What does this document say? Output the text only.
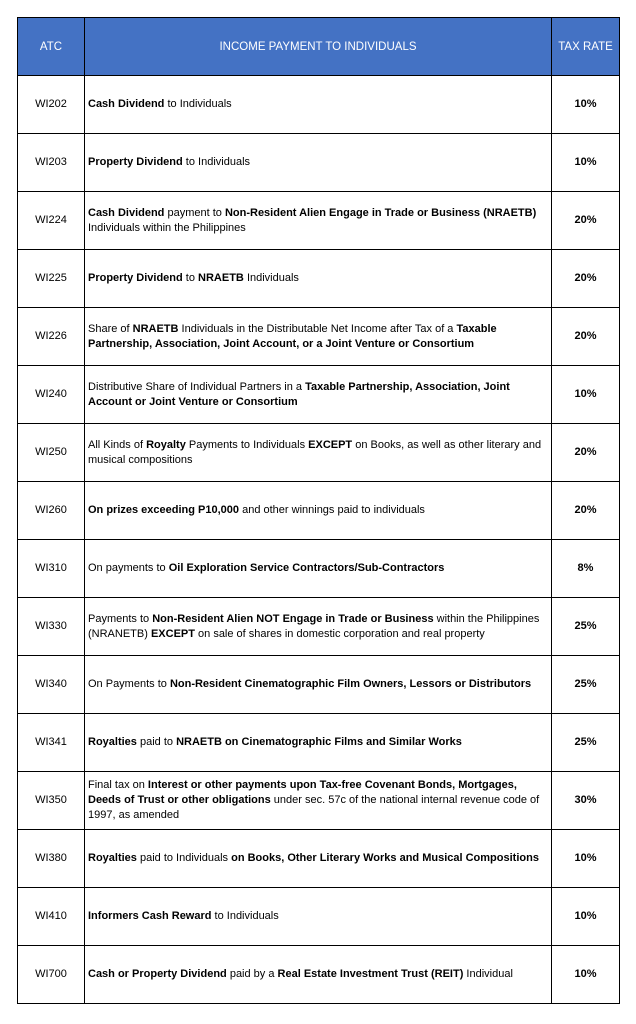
ATC	INCOME PAYMENT TO INDIVIDUALS	TAX RATE
WI202	Cash Dividend to Individuals	10%
WI203	Property Dividend to Individuals	10%
WI224	Cash Dividend payment to Non-Resident Alien Engage in Trade or Business (NRAETB) Individuals within the Philippines	20%
WI225	Property Dividend to NRAETB Individuals	20%
WI226	Share of NRAETB Individuals in the Distributable Net Income after Tax of a Taxable Partnership, Association, Joint Account, or a Joint Venture or Consortium	20%
WI240	Distributive Share of Individual Partners in a Taxable Partnership, Association, Joint Account or Joint Venture or Consortium	10%
WI250	All Kinds of Royalty Payments to Individuals EXCEPT on Books, as well as other literary and musical compositions	20%
WI260	On prizes exceeding P10,000 and other winnings paid to individuals	20%
WI310	On payments to Oil Exploration Service Contractors/Sub-Contractors	8%
WI330	Payments to Non-Resident Alien NOT Engage in Trade or Business within the Philippines (NRANETB) EXCEPT on sale of shares in domestic corporation and real property	25%
WI340	On Payments to Non-Resident Cinematographic Film Owners, Lessors or Distributors	25%
WI341	Royalties paid to NRAETB on Cinematographic Films and Similar Works	25%
WI350	Final tax on Interest or other payments upon Tax-free Covenant Bonds, Mortgages, Deeds of Trust or other obligations under sec. 57c of the national internal revenue code of 1997, as amended	30%
WI380	Royalties paid to Individuals on Books, Other Literary Works and Musical Compositions	10%
WI410	Informers Cash Reward to Individuals	10%
WI700	Cash or Property Dividend paid by a Real Estate Investment Trust (REIT) Individual	10%
